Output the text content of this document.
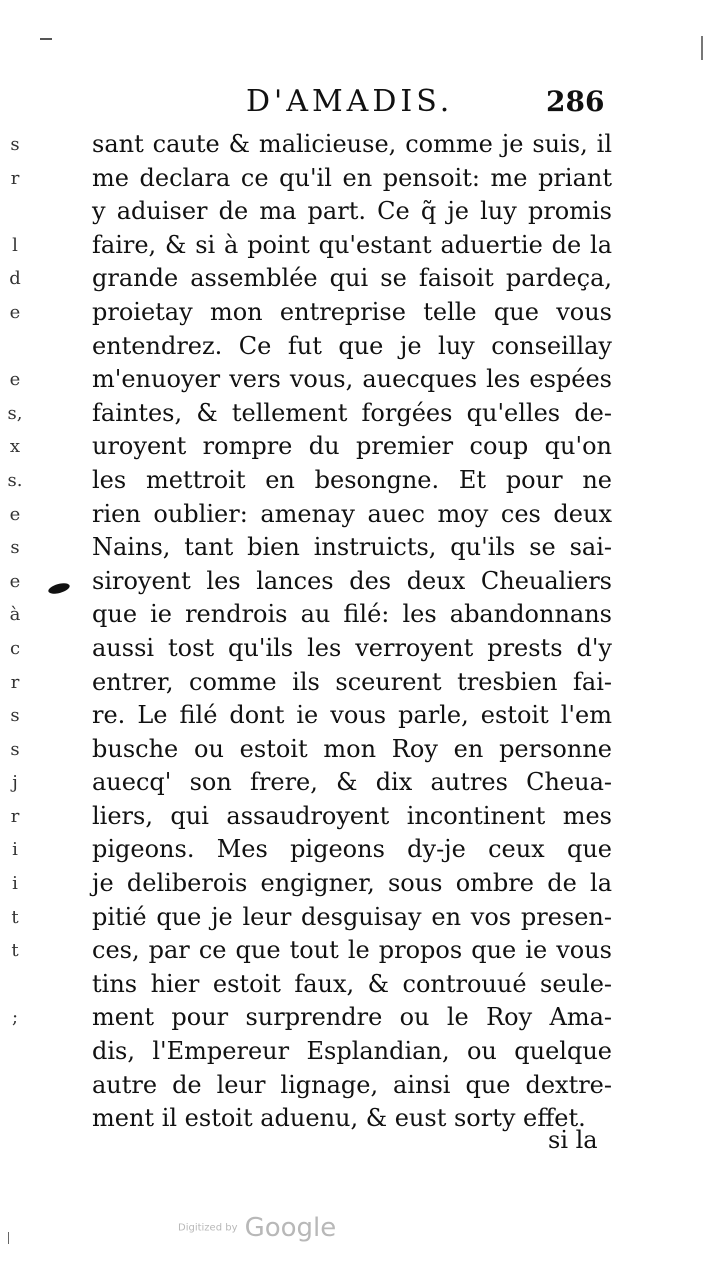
D'AMADIS.	286
s
r
l
d
e
e
s,
x
s.
e
s
e
à
c
r
s
s
j
r
i
i
t
t
;
sant caute & malicieuse, comme je suis, il
me declara ce qu'il en pensoit: me priant
y aduiser de ma part. Ce q̃ je luy promis
faire, & si à point qu'estant aduertie de la
grande assemblée qui se faisoit pardeça,
proietay mon entreprise telle que vous
entendrez. Ce fut que je luy conseillay
m'enuoyer vers vous, auecques les espées
faintes, & tellement forgées qu'elles de-
uroyent rompre du premier coup qu'on
les mettroit en besongne. Et pour ne
rien oublier: amenay auec moy ces deux
Nains, tant bien instruicts, qu'ils se sai-
siroyent les lances des deux Cheualiers
que ie rendrois au filé: les abandonnans
aussi tost qu'ils les verroyent prests d'y
entrer, comme ils sceurent tresbien fai-
re. Le filé dont ie vous parle, estoit l'em
busche ou estoit mon Roy en personne
auecq' son frere, & dix autres Cheua-
liers, qui assaudroyent incontinent mes
pigeons. Mes pigeons dy-je ceux que
je deliberois engigner, sous ombre de la
pitié que je leur desguisay en vos presen-
ces, par ce que tout le propos que ie vous
tins hier estoit faux, & controuué seule-
ment pour surprendre ou le Roy Ama-
dis, l'Empereur Esplandian, ou quelque
autre de leur lignage, ainsi que dextre-
ment il estoit aduenu, & eust sorty effet.
si la
Digitized by Google
